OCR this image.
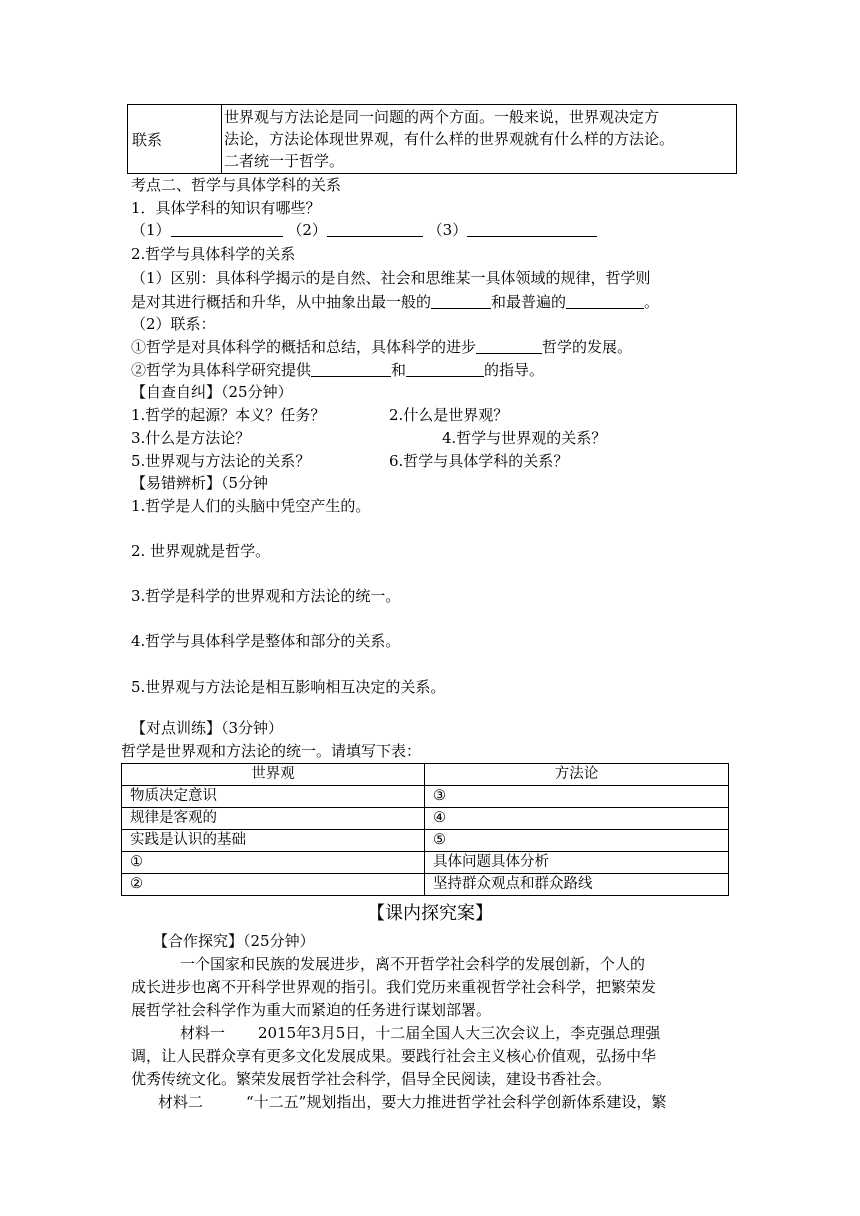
联系
世界观与方法论是同一问题的两个方面。一般来说，世界观决定方
法论，方法论体现世界观，有什么样的世界观就有什么样的方法论。
二者统一于哲学。
考点二、哲学与具体学科的关系
1．具体学科的知识有哪些？
（1）	（2）	（3）
2.哲学与具体科学的关系
（1）区别：具体科学揭示的是自然、社会和思维某一具体领域的规律，哲学则
是对其进行概括和升华，从中抽象出最一般的	和最普遍的	。
（2）联系：
①哲学是对具体科学的概括和总结，具体科学的进步	哲学的发展。
②哲学为具体科学研究提供	和	的指导。
【自查自纠】（25分钟）
1.哲学的起源？本义？任务？	2.什么是世界观？
3.什么是方法论？	4.哲学与世界观的关系？
5.世界观与方法论的关系？	6.哲学与具体学科的关系？
【易错辨析】（5分钟
1.哲学是人们的头脑中凭空产生的。
2. 世界观就是哲学。
3.哲学是科学的世界观和方法论的统一。
4.哲学与具体科学是整体和部分的关系。
5.世界观与方法论是相互影响相互决定的关系。
【对点训练】（3分钟）
哲学是世界观和方法论的统一。请填写下表：
世界观	方法论
物质决定意识	③
规律是客观的	④
实践是认识的基础	⑤
①	具体问题具体分析
②	坚持群众观点和群众路线
【课内探究案】
【合作探究】（25分钟）
一个国家和民族的发展进步，离不开哲学社会科学的发展创新，个人的
成长进步也离不开科学世界观的指引。我们党历来重视哲学社会科学，把繁荣发
展哲学社会科学作为重大而紧迫的任务进行谋划部署。
材料一 2015年3月5日，十二届全国人大三次会议上，李克强总理强
调，让人民群众享有更多文化发展成果。要践行社会主义核心价值观，弘扬中华
优秀传统文化。繁荣发展哲学社会科学，倡导全民阅读，建设书香社会。
材料二	“十二五”规划指出，要大力推进哲学社会科学创新体系建设，繁
